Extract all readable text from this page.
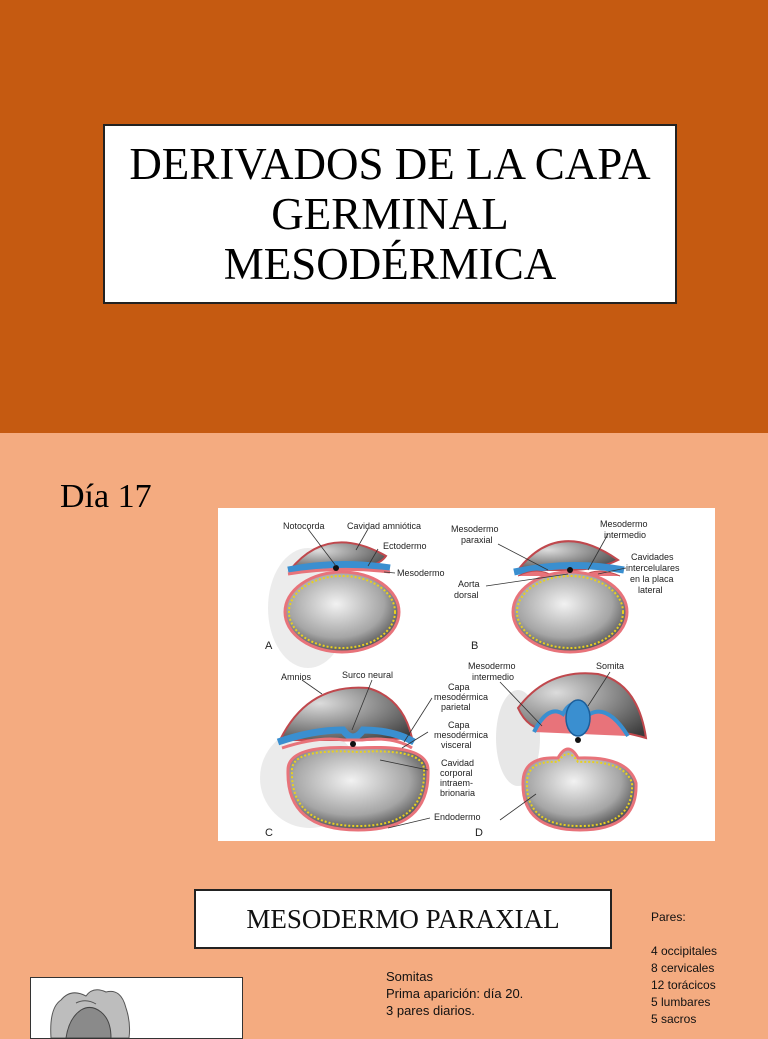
DERIVADOS DE LA CAPA
GERMINAL
MESODÉRMICA
Día 17
Notocorda Cavidad amniótica
Ectodermo
Mesodermo
A
Mesodermo
paraxial
Aorta
dorsal
Mesodermo
intermedio
Cavidades
intercelulares
en la placa
lateral
B
Amnios	Surco neural
Capa
mesodérmica
parietal
Capa
mesodérmica
visceral
Cavidad
corporal
intraem-
brionaria
Endodermo
C
Mesodermo
intermedio
Somita
D
MESODERMO PARAXIAL
Somitas
Prima aparición: día 20.
3 pares diarios.
Pares:
4 occipitales
8 cervicales
12 torácicos
5 lumbares
5 sacros
